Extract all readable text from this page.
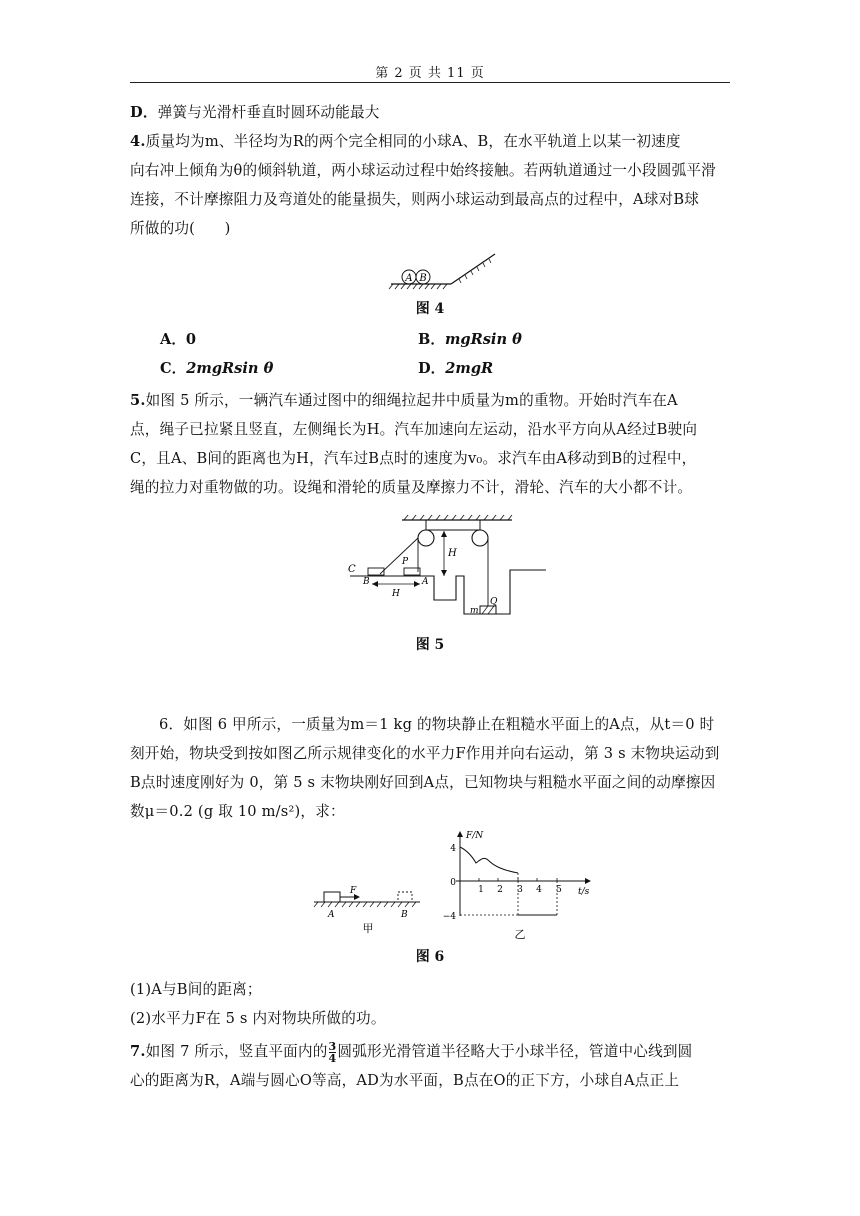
第 2 页 共 11 页
D．弹簧与光滑杆垂直时圆环动能最大
4.质量均为m、半径均为R的两个完全相同的小球A、B，在水平轨道上以某一初速度
向右冲上倾角为θ的倾斜轨道，两小球运动过程中始终接触。若两轨道通过一小段圆弧平滑
连接，不计摩擦阻力及弯道处的能量损失，则两小球运动到最高点的过程中，A球对B球
所做的功(　　)
A B
图 4
A．0	B．mgRsin θ
C．2mgRsin θ	D．2mgR
5.如图 5 所示，一辆汽车通过图中的细绳拉起井中质量为m的重物。开始时汽车在A
点，绳子已拉紧且竖直，左侧绳长为H。汽车加速向左运动，沿水平方向从A经过B驶向
C，且A、B间的距离也为H，汽车过B点时的速度为v₀。求汽车由A移动到B的过程中，
绳的拉力对重物做的功。设绳和滑轮的质量及摩擦力不计，滑轮、汽车的大小都不计。
H
C
B	A
P
H
m
Q
图 5
6．如图 6 甲所示，一质量为m＝1 kg 的物块静止在粗糙水平面上的A点，从t＝0 时
刻开始，物块受到按如图乙所示规律变化的水平力F作用并向右运动，第 3 s 末物块运动到
B点时速度刚好为 0，第 5 s 末物块刚好回到A点，已知物块与粗糙水平面之间的动摩擦因
数μ＝0.2 (g 取 10 m/s²)，求：
F
A	B
甲
F/N
t/s
4
0
−4
1 2 3 4 5
乙
图 6
(1)A与B间的距离；
(2)水平力F在 5 s 内对物块所做的功。
7.如图 7 所示，竖直平面内的 $\frac{3}{4}$ 圆弧形光滑管道半径略大于小球半径，管道中心线到圆
心的距离为R，A端与圆心O等高，AD为水平面，B点在O的正下方，小球自A点正上
